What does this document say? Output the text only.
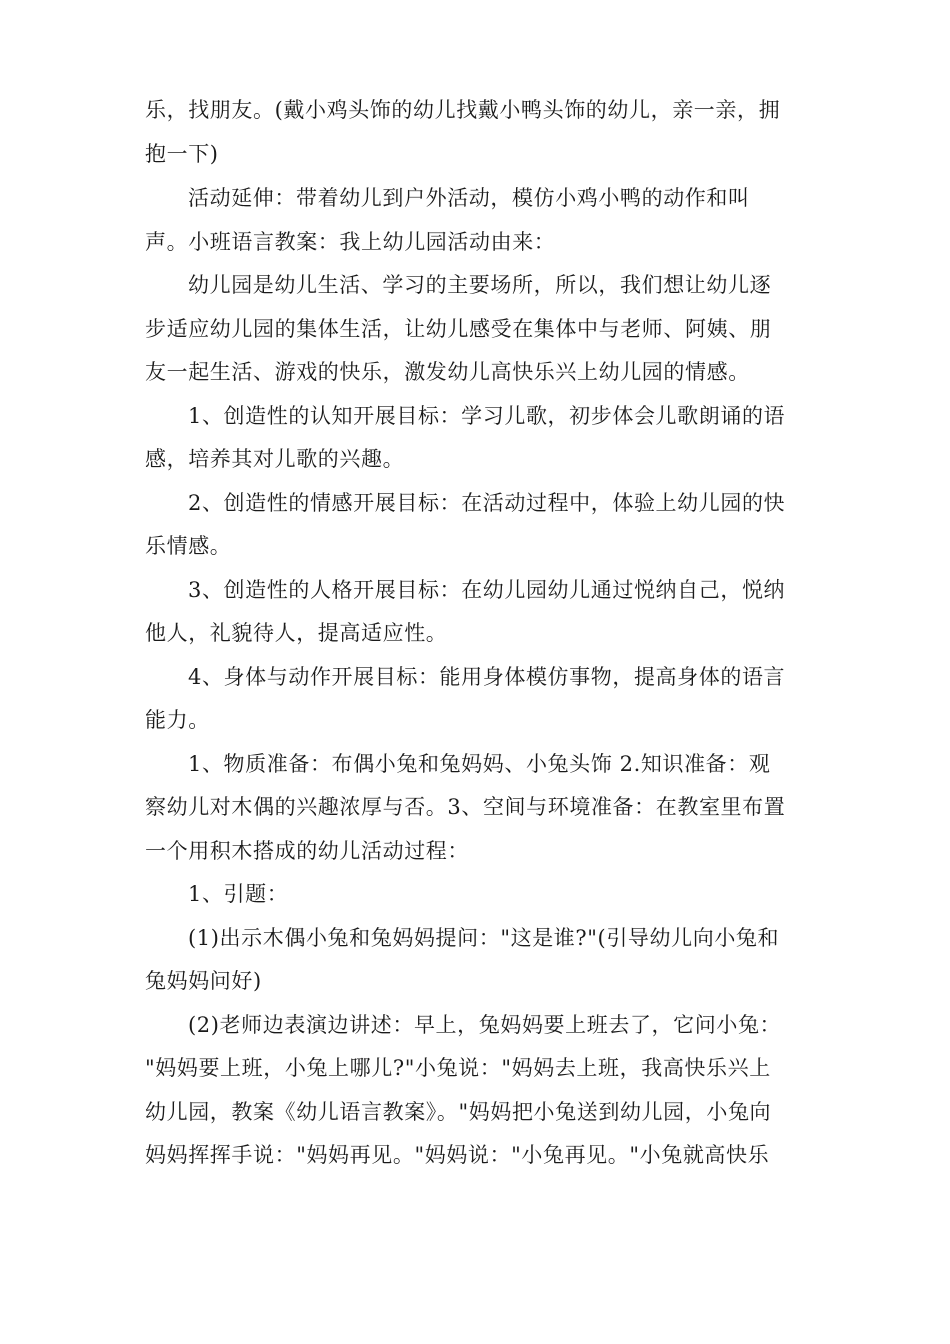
乐，找朋友。(戴小鸡头饰的幼儿找戴小鸭头饰的幼儿，亲一亲，拥
抱一下)
活动延伸：带着幼儿到户外活动，模仿小鸡小鸭的动作和叫
声。小班语言教案：我上幼儿园活动由来：
幼儿园是幼儿生活、学习的主要场所，所以，我们想让幼儿逐
步适应幼儿园的集体生活，让幼儿感受在集体中与老师、阿姨、朋
友一起生活、游戏的快乐，激发幼儿高快乐兴上幼儿园的情感。
1、创造性的认知开展目标：学习儿歌，初步体会儿歌朗诵的语
感，培养其对儿歌的兴趣。
2、创造性的情感开展目标：在活动过程中，体验上幼儿园的快
乐情感。
3、创造性的人格开展目标：在幼儿园幼儿通过悦纳自己，悦纳
他人，礼貌待人，提高适应性。
4、身体与动作开展目标：能用身体模仿事物，提高身体的语言
能力。
1、物质准备：布偶小兔和兔妈妈、小兔头饰 2.知识准备：观
察幼儿对木偶的兴趣浓厚与否。3、空间与环境准备：在教室里布置
一个用积木搭成的幼儿活动过程：
1、引题：
(1)出示木偶小兔和兔妈妈提问："这是谁?"(引导幼儿向小兔和
兔妈妈问好)
(2)老师边表演边讲述：早上，兔妈妈要上班去了，它问小兔：
"妈妈要上班，小兔上哪儿?"小兔说："妈妈去上班，我高快乐兴上
幼儿园，教案《幼儿语言教案》。"妈妈把小兔送到幼儿园，小兔向
妈妈挥挥手说："妈妈再见。"妈妈说："小兔再见。"小兔就高快乐
